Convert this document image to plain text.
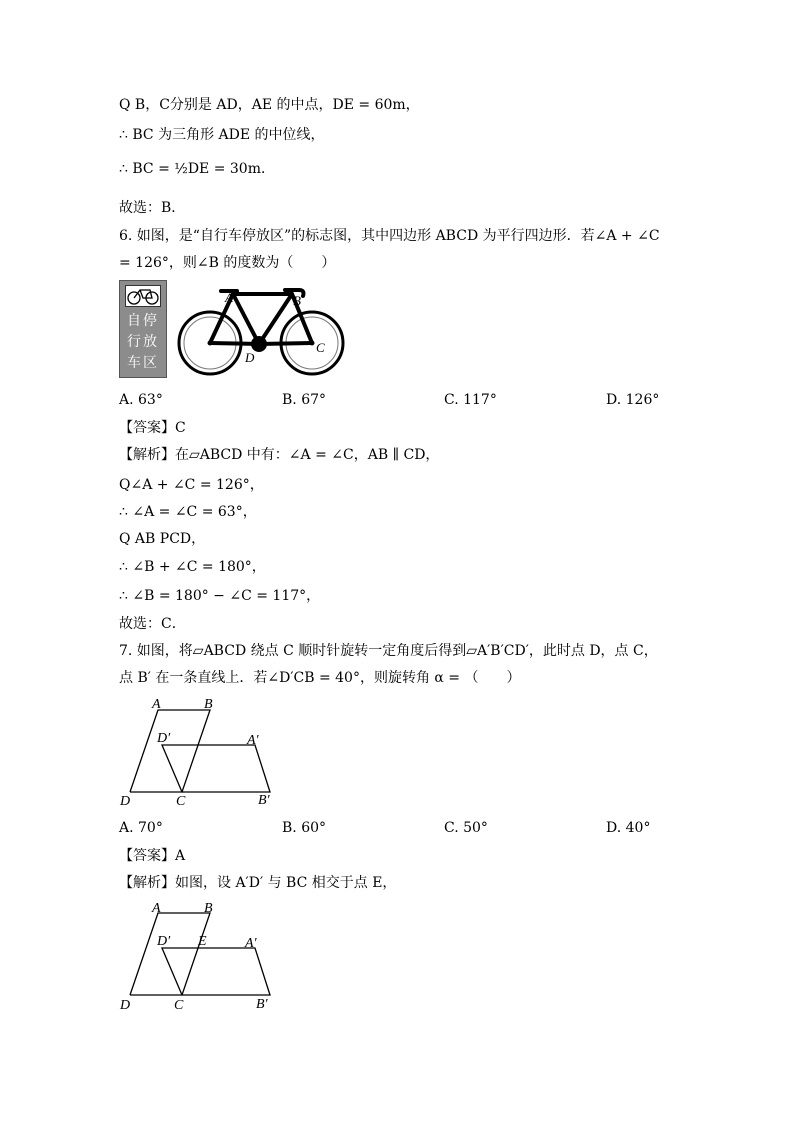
Q B，C分别是 AD，AE 的中点，DE = 60m，
∴ BC 为三角形 ADE 的中位线，
∴ BC = ½DE = 30m．
故选：B．
6. 如图，是“自行车停放区”的标志图，其中四边形 ABCD 为平行四边形．若∠A + ∠C
= 126°，则∠B 的度数为（　　）
自停
行放
车区
A	B
C
D
A. 63°	B. 67°	C. 117°	D. 126°
【答案】C
【解析】在▱ABCD 中有：∠A = ∠C，AB ∥ CD，
Q∠A + ∠C = 126°，
∴ ∠A = ∠C = 63°，
Q AB PCD，
∴ ∠B + ∠C = 180°，
∴ ∠B = 180° − ∠C = 117°，
故选：C．
7. 如图，将▱ABCD 绕点 C 顺时针旋转一定角度后得到▱A′B′CD′，此时点 D，点 C，
点 B′ 在一条直线上．若∠D′CB = 40°，则旋转角 α = （　　）
A	B
D′	A′
D	C	B′
A. 70°	B. 60°	C. 50°	D. 40°
【答案】A
【解析】如图，设 A′D′ 与 BC 相交于点 E，
A	B
D′ E	A′
D	C	B′
